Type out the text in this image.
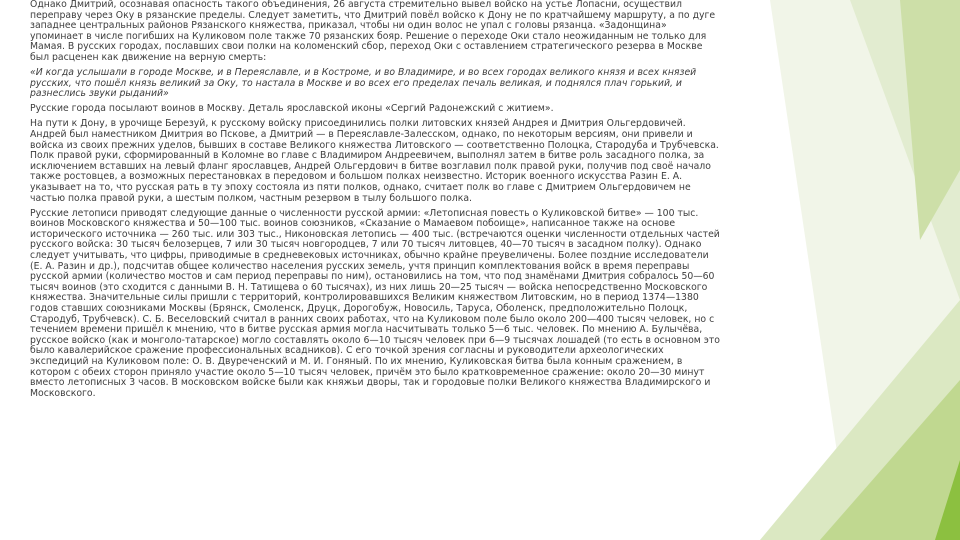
Однако Дмитрий, осознавая опасность такого объединения, 26 августа стремительно вывел войско на устье Лопасни, осуществил переправу через Оку в рязанские пределы. Следует заметить, что Дмитрий повёл войско к Дону не по кратчайшему маршруту, а по дуге западнее центральных районов Рязанского княжества, приказал, чтобы ни один волос не упал с головы рязанца. «Задонщина» упоминает в числе погибших на Куликовом поле также 70 рязанских бояр. Решение о переходе Оки стало неожиданным не только для Мамая. В русских городах, пославших свои полки на коломенский сбор, переход Оки с оставлением стратегического резерва в Москве был расценен как движение на верную смерть:

«И когда услышали в городе Москве, и в Переяславле, и в Костроме, и во Владимире, и во всех городах великого князя и всех князей русских, что пошёл князь великий за Оку, то настала в Москве и во всех его пределах печаль великая, и поднялся плач горький, и разнеслись звуки рыданий»

Русские города посылают воинов в Москву. Деталь ярославской иконы «Сергий Радонежский с житием».

На пути к Дону, в урочище Березуй, к русскому войску присоединились полки литовских князей Андрея и Дмитрия Ольгердовичей. Андрей был наместником Дмитрия во Пскове, а Дмитрий — в Переяславле-Залесском, однако, по некоторым версиям, они привели и войска из своих прежних уделов, бывших в составе Великого княжества Литовского — соответственно Полоцка, Стародуба и Трубчевска. Полк правой руки, сформированный в Коломне во главе с Владимиром Андреевичем, выполнял затем в битве роль засадного полка, за исключением вставших на левый фланг ярославцев, Андрей Ольгердович в битве возглавил полк правой руки, получив под своё начало также ростовцев, а возможных перестановках в передовом и большом полках неизвестно. Историк военного искусства Разин Е. А. указывает на то, что русская рать в ту эпоху состояла из пяти полков, однако, считает полк во главе с Дмитрием Ольгердовичем не частью полка правой руки, а шестым полком, частным резервом в тылу большого полка.

Русские летописи приводят следующие данные о численности русской армии: «Летописная повесть о Куликовской битве» — 100 тыс. воинов Московского княжества и 50—100 тыс. воинов союзников, «Сказание о Мамаевом побоище», написанное также на основе исторического источника — 260 тыс. или 303 тыс., Никоновская летопись — 400 тыс. (встречаются оценки численности отдельных частей русского войска: 30 тысяч белозерцев, 7 или 30 тысяч новгородцев, 7 или 70 тысяч литовцев, 40—70 тысяч в засадном полку). Однако следует учитывать, что цифры, приводимые в средневековых источниках, обычно крайне преувеличены. Более поздние исследователи (Е. А. Разин и др.), подсчитав общее количество населения русских земель, учтя принцип комплектования войск в время переправы русской армии (количество мостов и сам период переправы по ним), остановились на том, что под знамёнами Дмитрия собралось 50—60 тысяч воинов (это сходится с данными В. Н. Татищева о 60 тысячах), из них лишь 20—25 тысяч — войска непосредственно Московского княжества. Значительные силы пришли с территорий, контролировавшихся Великим княжеством Литовским, но в период 1374—1380 годов ставших союзниками Москвы (Брянск, Смоленск, Друцк, Дорогобуж, Новосиль, Таруса, Оболенск, предположительно Полоцк, Стародуб, Трубчевск). С. Б. Веселовский считал в ранних своих работах, что на Куликовом поле было около 200—400 тысяч человек, но с течением времени пришёл к мнению, что в битве русская армия могла насчитывать только 5—6 тыс. человек. По мнению А. Булычёва, русское войско (как и монголо-татарское) могло составлять около 6—10 тысяч человек при 6—9 тысячах лошадей (то есть в основном это было кавалерийское сражение профессиональных всадников). С его точкой зрения согласны и руководители археологических экспедиций на Куликовом поле: О. В. Двуреченский и М. И. Гоняный. По их мнению, Куликовская битва была конным сражением, в котором с обеих сторон приняло участие около 5—10 тысяч человек, причём это было кратковременное сражение: около 20—30 минут вместо летописных 3 часов. В московском войске были как княжьи дворы, так и городовые полки Великого княжества Владимирского и Московского.
